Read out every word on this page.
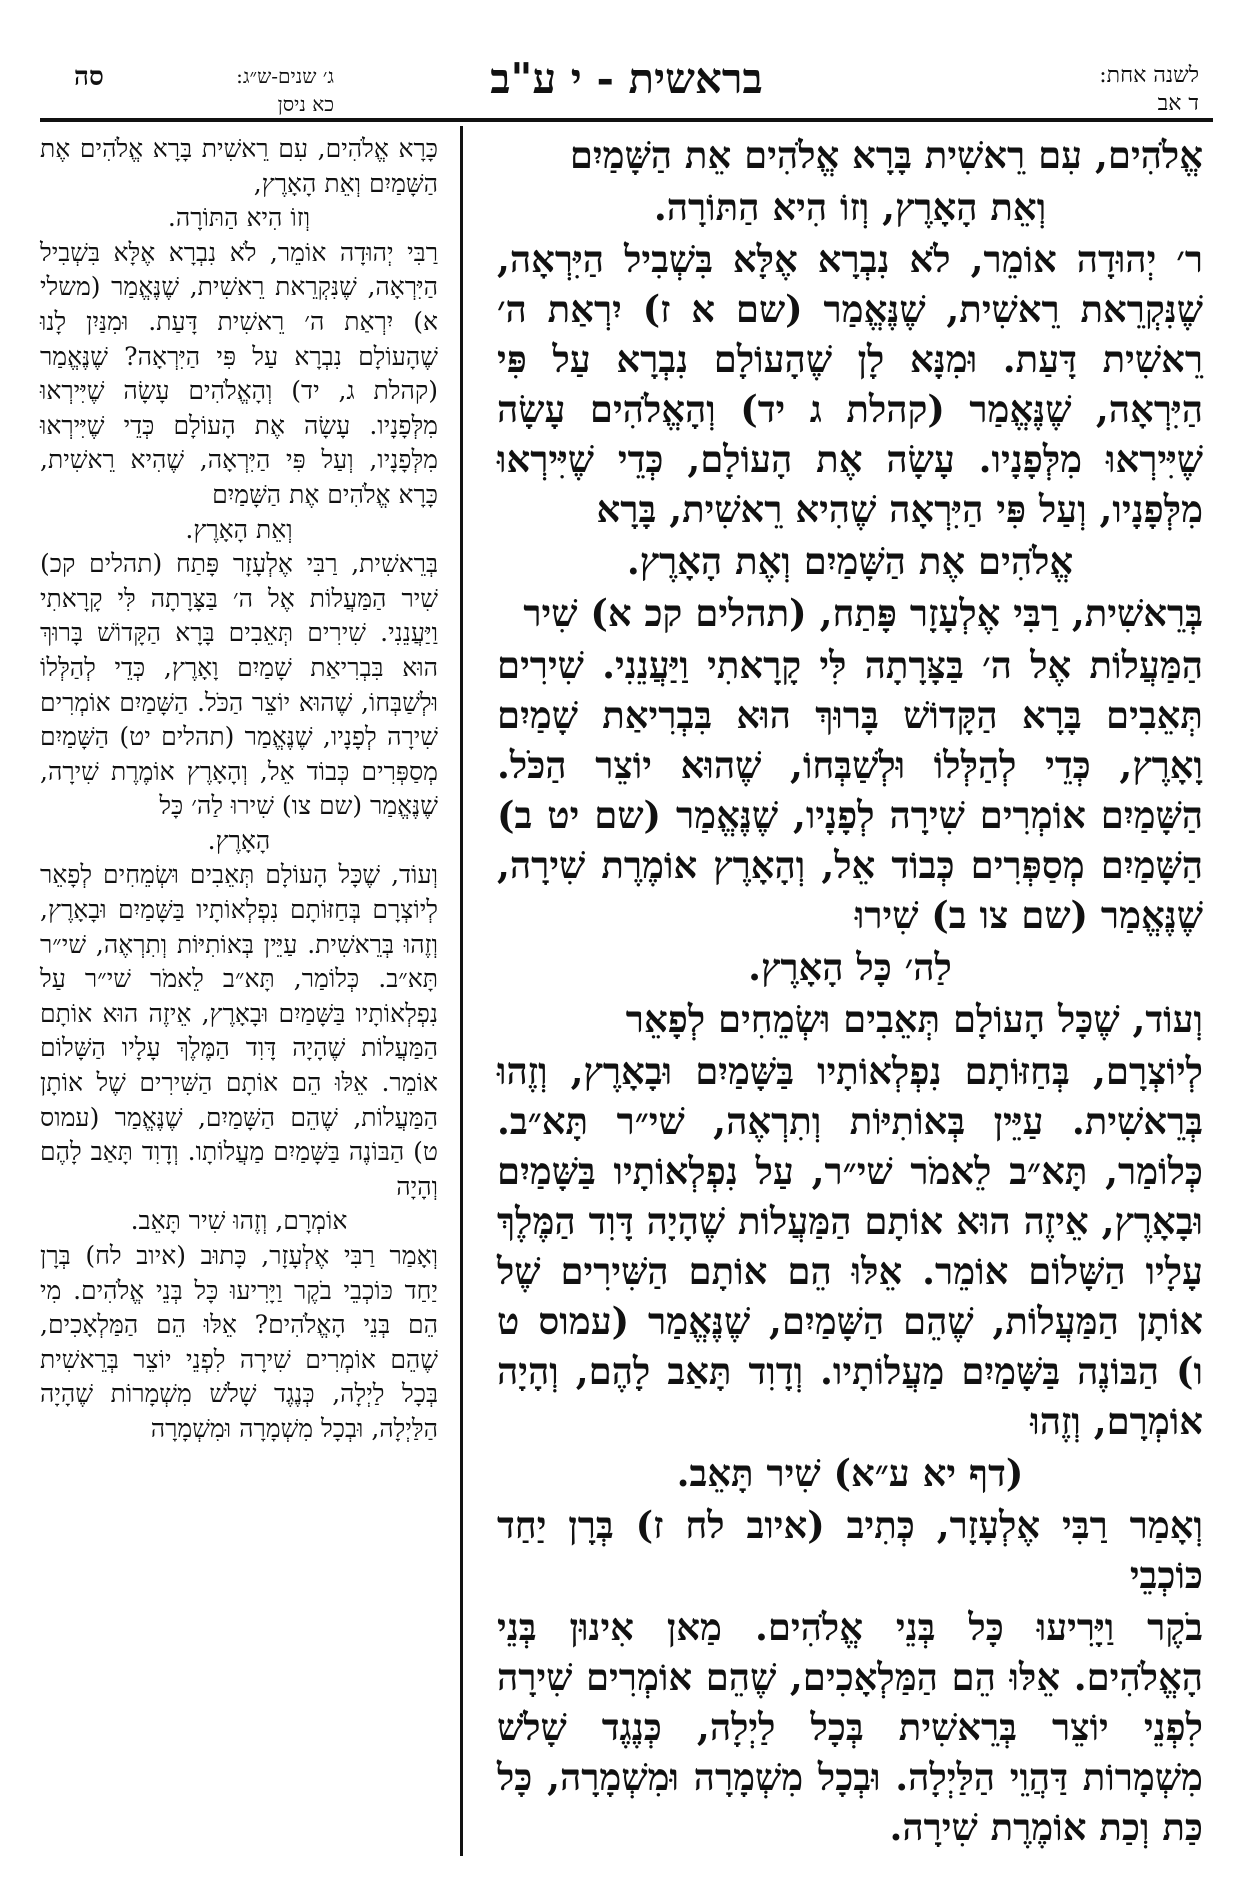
לשנה אחת:
ד אב
בראשית - י ע"ב
סה	ג׳ שנים-ש״ג:
כא ניסן

אֱלֹהִים, עִם רֵאשִׁית בָּרָא אֱלֹהִים אֵת הַשָּׁמַיִם

וְאֵת הָאָרֶץ, וְזוֹ הִיא הַתּוֹרָה.

ר׳ יְהוּדָה אוֹמֵר, לֹא נִבְרָא אֶלָּא בִּשְׁבִיל הַיִּרְאָה, שֶׁנִּקְרֵאת רֵאשִׁית, שֶׁנֶּאֱמַר (שם א ז) יִרְאַת ה׳ רֵאשִׁית דָּעַת. וּמִנָּא לָן שֶׁהָעוֹלָם נִבְרָא עַל פִּי הַיִּרְאָה, שֶׁנֶּאֱמַר (קהלת ג יד) וְהָאֱלֹהִים עָשָׂה שֶׁיִּירְאוּ מִלְּפָנָיו. עָשָׂה אֶת הָעוֹלָם, כְּדֵי שֶׁיִּירְאוּ מִלְּפָנָיו, וְעַל פִּי הַיִּרְאָה שֶׁהִיא רֵאשִׁית, בָּרָא

אֱלֹהִים אֶת הַשָּׁמַיִם וְאֶת הָאָרֶץ.

בְּרֵאשִׁית, רַבִּי אֶלְעָזָר פָּתַח, (תהלים קכ א) שִׁיר

הַמַּעֲלוֹת אֶל ה׳ בַּצָּרָתָה לִּי קָרָאתִי וַיַּעֲנֵנִי. שִׁירִים תְּאֵבִים בָּרָא הַקָּדוֹשׁ בָּרוּךְ הוּא בִּבְרִיאַת שָׁמַיִם וָאָרֶץ, כְּדֵי לְהַלְּלוֹ וּלְשַׁבְּחוֹ, שֶׁהוּא יוֹצֵר הַכֹּל. הַשָּׁמַיִם אוֹמְרִים שִׁירָה לְפָנָיו, שֶׁנֶּאֱמַר (שם יט ב) הַשָּׁמַיִם מְסַפְּרִים כְּבוֹד אֵל, וְהָאָרֶץ אוֹמֶרֶת שִׁירָה, שֶׁנֶּאֱמַר (שם צו ב) שִׁירוּ

לַה׳ כָּל הָאָרֶץ.

וְעוֹד, שֶׁכָּל הָעוֹלָם תְּאֵבִים וּשְׂמֵחִים לְפָאֵר

לְיוֹצְרָם, בְּחַזּוֹתָם נִפְלְאוֹתָיו בַּשָּׁמַיִם וּבָאָרֶץ, וְזֶהוּ בְּרֵאשִׁית. עַיֵּין בְּאוֹתִיּוֹת וְתִרְאֶה, שׁי״ר תָּא״ב. כְּלוֹמַר, תָּא״ב לֵאמֹר שׁי״ר, עַל נִפְלְאוֹתָיו בַּשָּׁמַיִם וּבָאָרֶץ, אֵיזֶה הוּא אוֹתָם הַמַּעֲלוֹת שֶׁהָיָה דָּוִד הַמֶּלֶךְ עָלָיו הַשָּׁלוֹם אוֹמֵר. אֵלּוּ הֵם אוֹתָם הַשִּׁירִים שֶׁל אוֹתָן הַמַּעֲלוֹת, שֶׁהֵם הַשָּׁמַיִם, שֶׁנֶּאֱמַר (עמוס ט ו) הַבּוֹנֶה בַּשָּׁמַיִם מַעֲלוֹתָיו. וְדָוִד תָּאַב לָהֶם, וְהָיָה אוֹמְרָם, וְזֶהוּ

(דף יא ע״א) שִׁיר תָּאֵב.

וְאָמַר רַבִּי אֶלְעָזָר, כְּתִיב (איוב לח ז) בְּרָן יַחַד כּוֹכְבֵי

בֹקֶר וַיָּרִיעוּ כָּל בְּנֵי אֱלֹהִים. מַאן אִינוּן בְּנֵי הָאֱלֹהִים. אֵלּוּ הֵם הַמַּלְאָכִים, שֶׁהֵם אוֹמְרִים שִׁירָה לִפְנֵי יוֹצֵר בְּרֵאשִׁית בְּכָל לַיְלָה, כְּנֶגֶד שָׁלֹשׁ מִשְׁמָרוֹת דַּהֲוֵי הַלַּיְלָה. וּבְכָל מִשְׁמָרָה וּמִשְׁמָרָה, כָּל כַּת וְכַת אוֹמֶרֶת שִׁירָה.

כָּרָא אֱלֹהִים, עִם רֵאשִׁית בָּרָא אֱלֹהִים אֶת הַשָּׁמַיִם וְאֵת הָאָרֶץ,

וְזוֹ הִיא הַתּוֹרָה.

רַבִּי יְהוּדָה אוֹמֵר, לֹא נִבְרָא אֶלָּא בִּשְׁבִיל הַיִּרְאָה, שֶׁנִּקְרֵאת רֵאשִׁית, שֶׁנֶּאֱמַר (משלי א) יִרְאַת ה׳ רֵאשִׁית דָּעַת. וּמִנַּיִן לָנוּ שֶׁהָעוֹלָם נִבְרָא עַל פִּי הַיִּרְאָה? שֶׁנֶּאֱמַר (קהלת ג, יד) וְהָאֱלֹהִים עָשָׂה שֶׁיִּירְאוּ מִלְּפָנָיו. עָשָׂה אֶת הָעוֹלָם כְּדֵי שֶׁיִּירְאוּ מִלְּפָנָיו, וְעַל פִּי הַיִּרְאָה, שֶׁהִיא רֵאשִׁית, כָּרָא אֱלֹהִים אֶת הַשָּׁמַיִם

וְאֵת הָאָרֶץ.

בְּרֵאשִׁית, רַבִּי אֶלְעָזָר פָּתַח (תהלים קכ) שִׁיר הַמַּעֲלוֹת אֶל ה׳ בַּצָּרָתָה לִּי קָרָאתִי וַיַּעֲנֵנִי. שִׁירִים תְּאֵבִים בָּרָא הַקָּדוֹשׁ בָּרוּךְ הוּא בִּבְרִיאַת שָׁמַיִם וָאָרֶץ, כְּדֵי לְהַלְּלוֹ וּלְשַׁבְּחוֹ, שֶׁהוּא יוֹצֵר הַכֹּל. הַשָּׁמַיִם אוֹמְרִים שִׁירָה לְפָנָיו, שֶׁנֶּאֱמַר (תהלים יט) הַשָּׁמַיִם מְסַפְּרִים כְּבוֹד אֵל, וְהָאָרֶץ אוֹמֶרֶת שִׁירָה, שֶׁנֶּאֱמַר (שם צו) שִׁירוּ לַה׳ כָּל

הָאָרֶץ.

וְעוֹד, שֶׁכָּל הָעוֹלָם תְּאֵבִים וּשְׂמֵחִים לְפָאֵר לְיוֹצְרָם בְּחַזּוֹתָם נִפְלְאוֹתָיו בַּשָּׁמַיִם וּבָאָרֶץ, וְזֶהוּ בְּרֵאשִׁית. עַיֵּין בְּאוֹתִיּוֹת וְתִרְאֶה, שׁי״ר תָּא״ב. כְּלוֹמַר, תָּא״ב לֵאמֹר שׁי״ר עַל נִפְלְאוֹתָיו בַּשָּׁמַיִם וּבָאָרֶץ, אֵיזֶה הוּא אוֹתָם הַמַּעֲלוֹת שֶׁהָיָה דָּוִד הַמֶּלֶךְ עָלָיו הַשָּׁלוֹם אוֹמֵר. אֵלּוּ הֵם אוֹתָם הַשִּׁירִים שֶׁל אוֹתָן הַמַּעֲלוֹת, שֶׁהֵם הַשָּׁמַיִם, שֶׁנֶּאֱמַר (עמוס ט) הַבּוֹנֶה בַּשָּׁמַיִם מַעֲלוֹתָו. וְדָוִד תָּאַב לָהֶם וְהָיָה

אוֹמְרָם, וְזֶהוּ שִׁיר תָּאֵב.

וְאָמַר רַבִּי אֶלְעָזָר, כָּתוּב (איוב לח) בְּרָן יַחַד כּוֹכְבֵי בֹקֶר וַיָּרִיעוּ כָּל בְּנֵי אֱלֹהִים. מִי הֵם בְּנֵי הָאֱלֹהִים? אֵלּוּ הֵם הַמַּלְאָכִים, שֶׁהֵם אוֹמְרִים שִׁירָה לִפְנֵי יוֹצֵר בְּרֵאשִׁית בְּכָל לַיְלָה, כְּנֶגֶד שָׁלֹשׁ מִשְׁמָרוֹת שֶׁהָיָה הַלַּיְלָה, וּבְכָל מִשְׁמָרָה וּמִשְׁמָרָה
